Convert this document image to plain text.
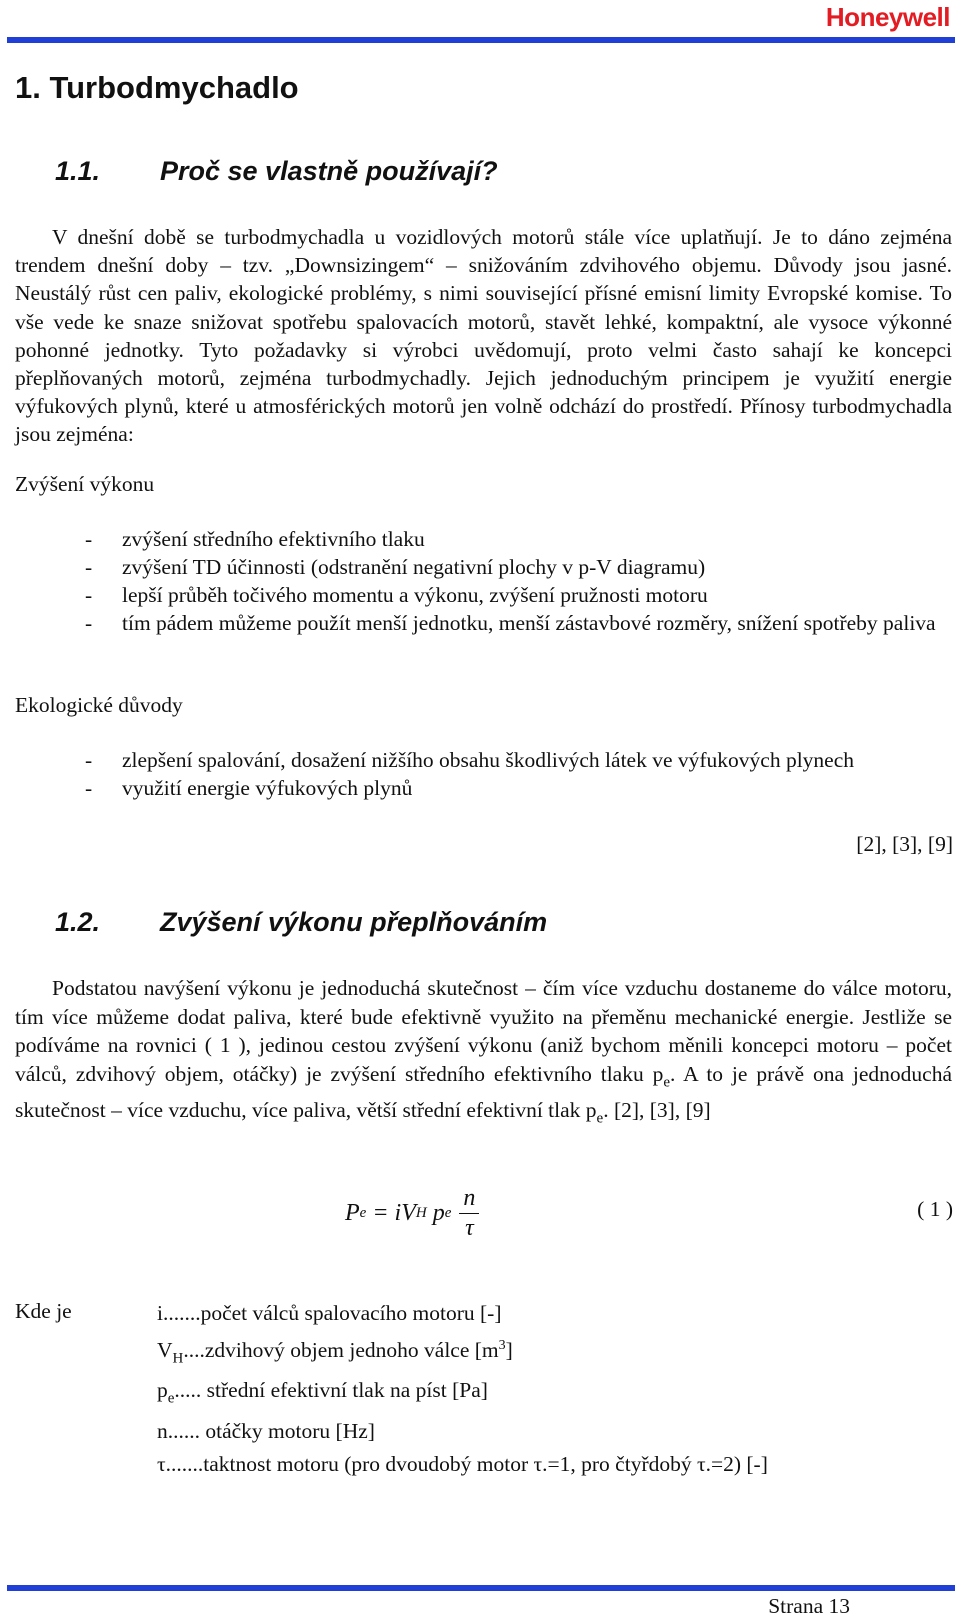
Honeywell
1. Turbodmychadlo
1.1.	Proč se vlastně používají?

V dnešní době se turbodmychadla u vozidlových motorů stále více uplatňují. Je to dáno zejména trendem dnešní doby – tzv. „Downsizingem“ – snižováním zdvihového objemu. Důvody jsou jasné. Neustálý růst cen paliv, ekologické problémy, s nimi související přísné emisní limity Evropské komise. To vše vede ke snaze snižovat spotřebu spalovacích motorů, stavět lehké, kompaktní, ale vysoce výkonné pohonné jednotky. Tyto požadavky si výrobci uvědomují, proto velmi často sahají ke koncepci přeplňovaných motorů, zejména turbodmychadly. Jejich jednoduchým principem je využití energie výfukových plynů, které u atmosférických motorů jen volně odchází do prostředí. Přínosy turbodmychadla jsou zejména:

Zvýšení výkonu

- zvýšení středního efektivního tlaku
- zvýšení TD účinnosti (odstranění negativní plochy v p-V diagramu)
- lepší průběh točivého momentu a výkonu, zvýšení pružnosti motoru
- tím pádem můžeme použít menší jednotku, menší zástavbové rozměry, snížení spotřeby paliva

Ekologické důvody

- zlepšení spalování, dosažení nižšího obsahu škodlivých látek ve výfukových plynech
- využití energie výfukových plynů
[2], [3], [9]
1.2.	Zvýšení výkonu přeplňováním

Podstatou navýšení výkonu je jednoduchá skutečnost – čím více vzduchu dostaneme do válce motoru, tím více můžeme dodat paliva, které bude efektivně využito na přeměnu mechanické energie. Jestliže se podíváme na rovnici ( 1 ), jedinou cestou zvýšení výkonu (aniž bychom měnili koncepci motoru – počet válců, zdvihový objem, otáčky) je zvýšení středního efektivního tlaku $p_e$. A to je právě ona jednoduchá skutečnost – více vzduchu, více paliva, větší střední efektivní tlak $p_e$. [2], [3], [9]

P e = iV H p e $\frac{n}{\tau}$	( 1 )
Kde je	i.......počet válců spalovacího motoru [-]
$V_H....zdvihový$ objem jednoho válce $[m^3]$
$p_e$..... střední efektivní tlak na píst [Pa]
n...... otáčky motoru [Hz]
τ.......taktnost motoru (pro dvoudobý motor τ.=1, pro čtyřdobý τ.=2) [-]
Strana 13
